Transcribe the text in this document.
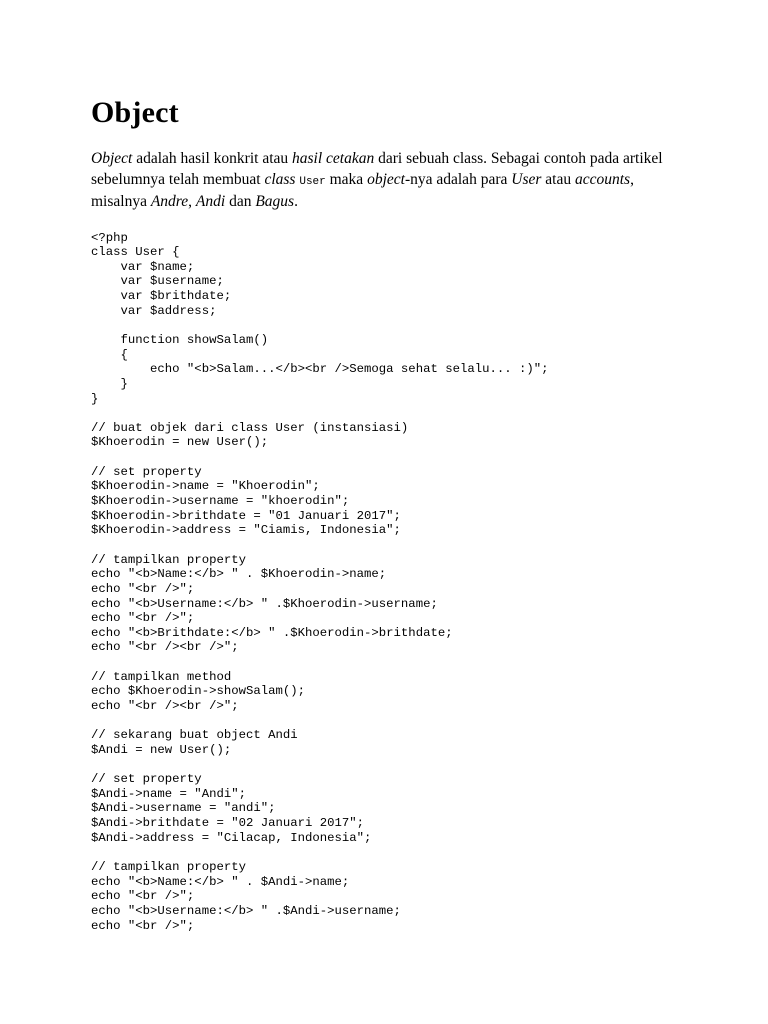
Object

Object adalah hasil konkrit atau hasil cetakan dari sebuah class. Sebagai contoh pada artikel sebelumnya telah membuat class User maka object-nya adalah para User atau accounts, misalnya Andre, Andi dan Bagus.

<?php
class User {
var $name;
var $username;
var $brithdate;
var $address;
function showSalam()
{
echo "<b>Salam...</b><br />Semoga sehat selalu... :)";
}
}
// buat objek dari class User (instansiasi)
$Khoerodin = new User();
// set property
$Khoerodin->name = "Khoerodin";
$Khoerodin->username = "khoerodin";
$Khoerodin->brithdate = "01 Januari 2017";
$Khoerodin->address = "Ciamis, Indonesia";
// tampilkan property
echo "<b>Name:</b> " . $Khoerodin->name;
echo "<br />";
echo "<b>Username:</b> " .$Khoerodin->username;
echo "<br />";
echo "<b>Brithdate:</b> " .$Khoerodin->brithdate;
echo "<br /><br />";
// tampilkan method
echo $Khoerodin->showSalam();
echo "<br /><br />";
// sekarang buat object Andi
$Andi = new User();
// set property
$Andi->name = "Andi";
$Andi->username = "andi";
$Andi->brithdate = "02 Januari 2017";
$Andi->address = "Cilacap, Indonesia";
// tampilkan property
echo "<b>Name:</b> " . $Andi->name;
echo "<br />";
echo "<b>Username:</b> " .$Andi->username;
echo "<br />";
